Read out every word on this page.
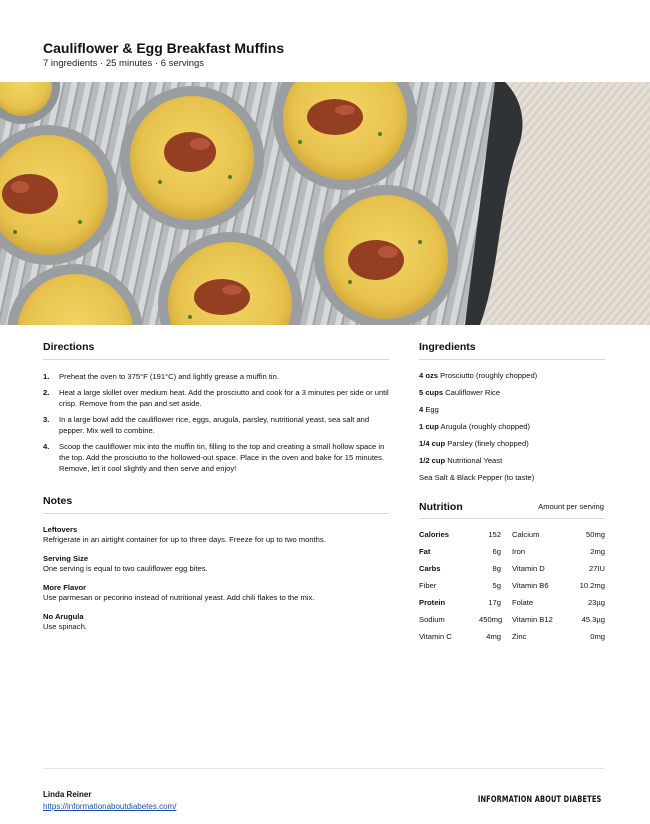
Cauliflower & Egg Breakfast Muffins
7 ingredients · 25 minutes · 6 servings
Directions
1.	Preheat the oven to 375°F (191°C) and lightly grease a muffin tin.
2.	Heat a large skillet over medium heat. Add the prosciutto and cook for a 3 minutes per side or until crisp. Remove from the pan and set aside.
3.	In a large bowl add the cauliflower rice, eggs, arugula, parsley, nutritional yeast, sea salt and pepper. Mix well to combine.
4.	Scoop the cauliflower mix into the muffin tin, filling to the top and creating a small hollow space in the top. Add the prosciutto to the hollowed-out space. Place in the oven and bake for 15 minutes. Remove, let it cool slightly and then serve and enjoy!
Notes
Leftovers
Refrigerate in an airtight container for up to three days. Freeze for up to two months.
Serving Size
One serving is equal to two cauliflower egg bites.
More Flavor
Use parmesan or pecorino instead of nutritional yeast. Add chili flakes to the mix.
No Arugula
Use spinach.
Ingredients
4 ozs Prosciutto (roughly chopped)
5 cups Cauliflower Rice
4 Egg
1 cup Arugula (roughly chopped)
1/4 cup Parsley (finely chopped)
1/2 cup Nutritional Yeast
Sea Salt & Black Pepper (to taste)
Nutrition	Amount per serving
Calories	152	Calcium	50mg
Fat	6g	Iron	2mg
Carbs	8g	Vitamin D	27IU
Fiber	5g	Vitamin B6	10.2mg
Protein	17g	Folate	23µg
Sodium	450mg	Vitamin B12	45.3µg
Vitamin C	4mg	Zinc	0mg
Linda Reiner
https://informationaboutdiabetes.com/
INFORMATION ABOUT DIABETES
